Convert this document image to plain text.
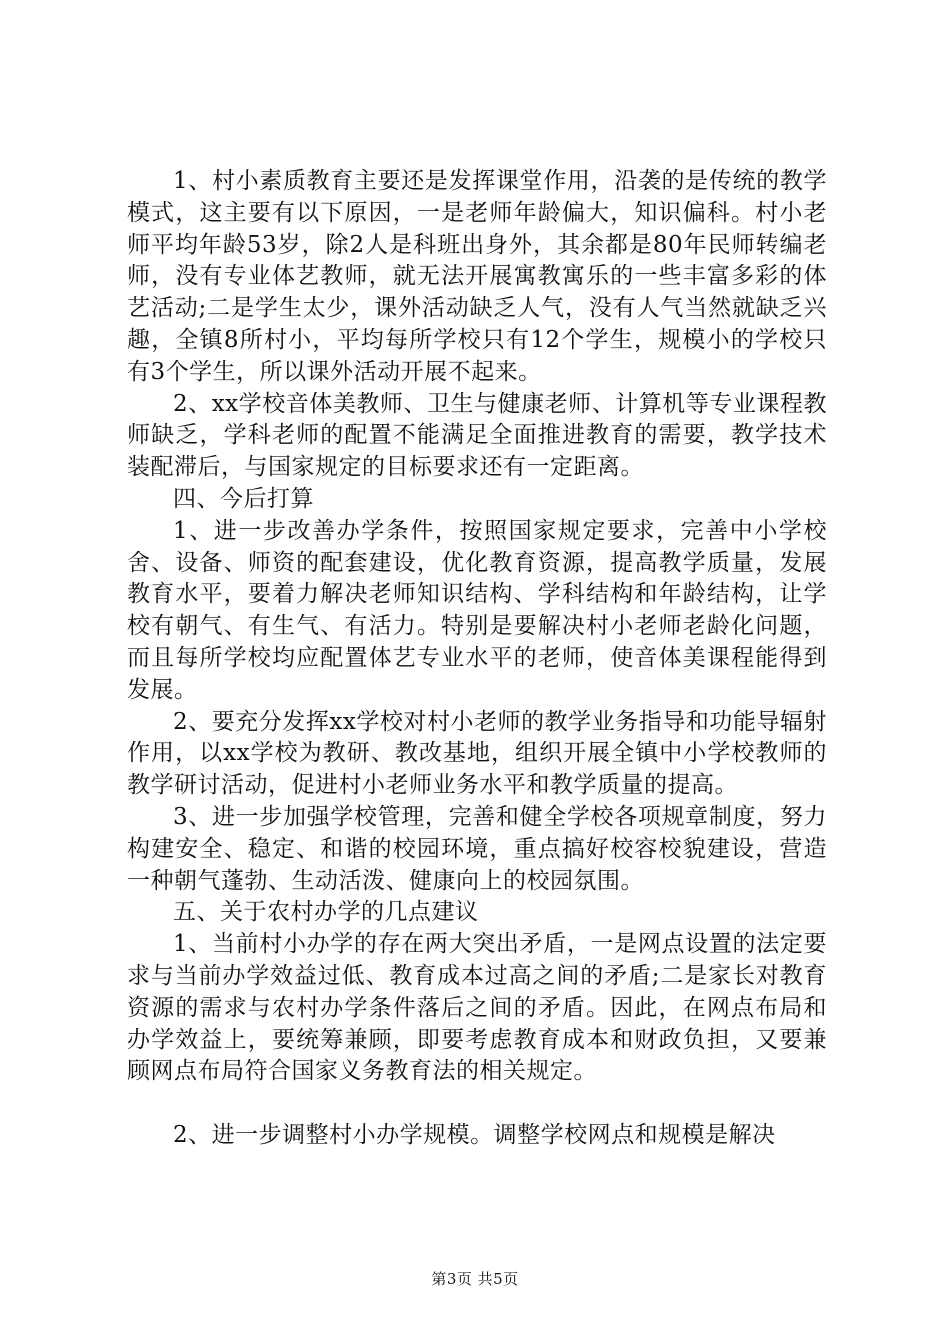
1、村小素质教育主要还是发挥课堂作用，沿袭的是传统的教学模式，这主要有以下原因，一是老师年龄偏大，知识偏科。村小老师平均年龄53岁，除2人是科班出身外，其余都是80年民师转编老师，没有专业体艺教师，就无法开展寓教寓乐的一些丰富多彩的体艺活动;二是学生太少，课外活动缺乏人气，没有人气当然就缺乏兴趣，全镇8所村小，平均每所学校只有12个学生，规模小的学校只有3个学生，所以课外活动开展不起来。

2、xx学校音体美教师、卫生与健康老师、计算机等专业课程教师缺乏，学科老师的配置不能满足全面推进教育的需要，教学技术装配滞后，与国家规定的目标要求还有一定距离。

四、今后打算

1、进一步改善办学条件，按照国家规定要求，完善中小学校舍、设备、师资的配套建设，优化教育资源，提高教学质量，发展教育水平，要着力解决老师知识结构、学科结构和年龄结构，让学校有朝气、有生气、有活力。特别是要解决村小老师老龄化问题，而且每所学校均应配置体艺专业水平的老师，使音体美课程能得到发展。

2、要充分发挥xx学校对村小老师的教学业务指导和功能导辐射作用，以xx学校为教研、教改基地，组织开展全镇中小学校教师的教学研讨活动，促进村小老师业务水平和教学质量的提高。

3、进一步加强学校管理，完善和健全学校各项规章制度，努力构建安全、稳定、和谐的校园环境，重点搞好校容校貌建设，营造一种朝气蓬勃、生动活泼、健康向上的校园氛围。

五、关于农村办学的几点建议

1、当前村小办学的存在两大突出矛盾，一是网点设置的法定要求与当前办学效益过低、教育成本过高之间的矛盾;二是家长对教育资源的需求与农村办学条件落后之间的矛盾。因此，在网点布局和办学效益上，要统筹兼顾，即要考虑教育成本和财政负担，又要兼顾网点布局符合国家义务教育法的相关规定。

2、进一步调整村小办学规模。调整学校网点和规模是解决

第3页 共5页
